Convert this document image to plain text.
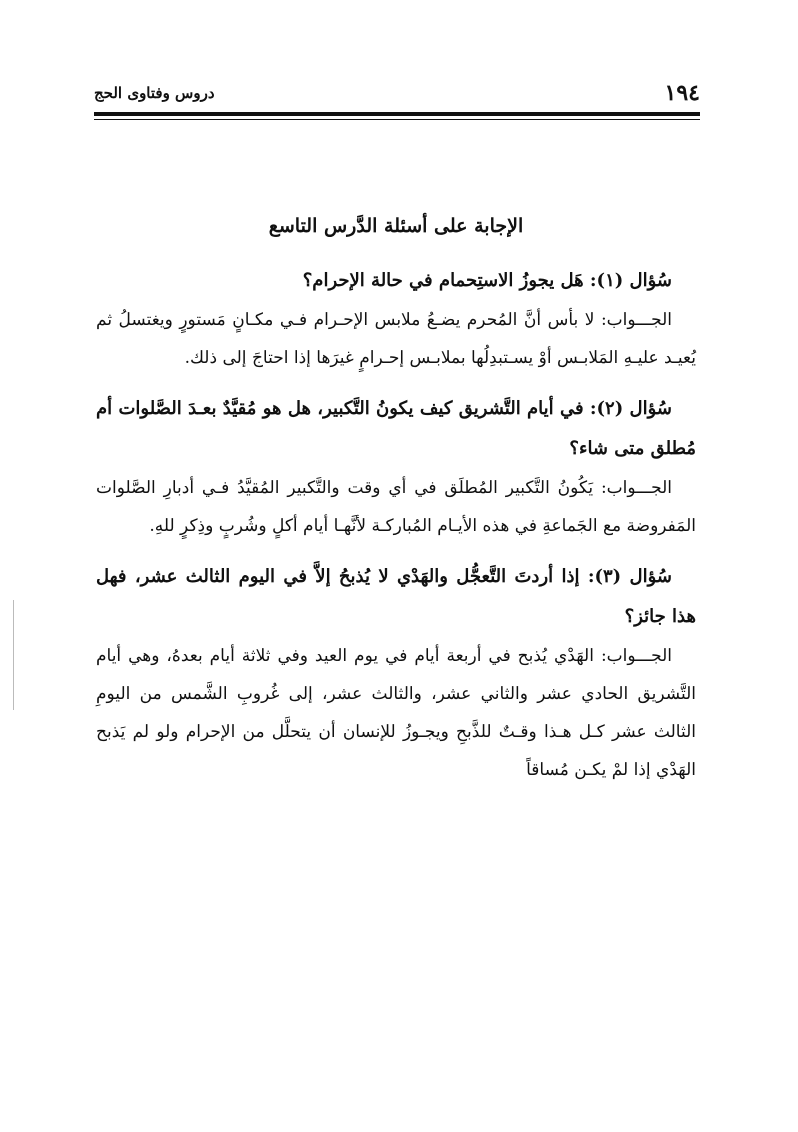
١٩٤
دروس وفتاوى الحج
الإجابة على أسئلة الدَّرس التاسع
سُؤال (١): هَل يجوزُ الاستِحمام في حالة الإحرام؟
الجـــواب: لا بأس أنَّ المُحرم يضـعُ ملابس الإحـرام فـي مكـانٍ مَستورٍ ويغتسلُ ثم يُعيـد عليـهِ المَلابـس أوْ يسـتبدِلُها بملابـس إحـرامٍ غيرَها إذا احتاجَ إلى ذلك.
سُؤال (٢): في أيام التَّشريق كيف يكونُ التَّكبير، هل هو مُقيَّدٌ بعـدَ الصَّلوات أم مُطلق متى شاء؟
الجـــواب: يَكُونُ التَّكبير المُطلَق في أي وقت والتَّكبير المُقيَّدُ فـي أدبارِ الصَّلوات المَفروضة مع الجَماعةِ في هذه الأيـام المُباركـة لأنَّهـا أيام أكلٍ وشُربٍ وذِكرٍ للهِ.
سُؤال (٣): إذا أردتَ التَّعجُّل والهَدْي لا يُذبحُ إلاَّ في اليوم الثالث عشر، فهل هذا جائز؟
الجـــواب: الهَدْي يُذبح في أربعة أيام في يوم العيد وفي ثلاثة أيام بعدهُ، وهي أيام التَّشريق الحادي عشر والثاني عشر، والثالث عشر، إلى غُروبِ الشَّمس من اليومِ الثالث عشر كـل هـذا وقـتٌ للذَّبحِ ويجـوزُ للإنسان أن يتحلَّل من الإحرام ولو لم يَذبح الهَدْي إذا لمْ يكـن مُساقاً
